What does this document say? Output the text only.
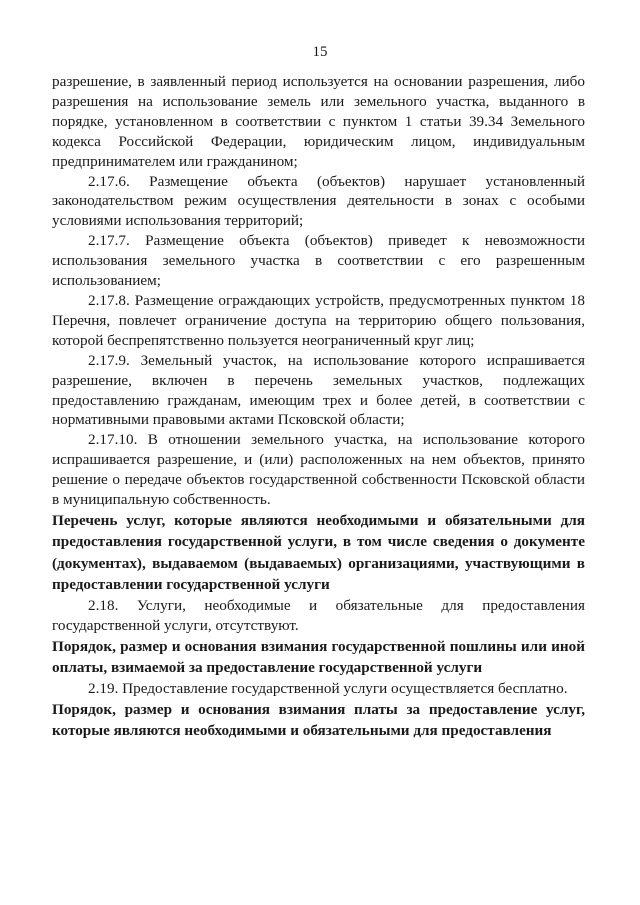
15

разрешение, в заявленный период используется на основании разрешения, либо разрешения на использование земель или земельного участка, выданного в порядке, установленном в соответствии с пунктом 1 статьи 39.34 Земельного кодекса Российской Федерации, юридическим лицом, индивидуальным предпринимателем или гражданином;

2.17.6. Размещение объекта (объектов) нарушает установленный законодательством режим осуществления деятельности в зонах с особыми условиями использования территорий;

2.17.7. Размещение объекта (объектов) приведет к невозможности использования земельного участка в соответствии с его разрешенным использованием;

2.17.8. Размещение ограждающих устройств, предусмотренных пунктом 18 Перечня, повлечет ограничение доступа на территорию общего пользования, которой беспрепятственно пользуется неограниченный круг лиц;

2.17.9. Земельный участок, на использование которого испрашивается разрешение, включен в перечень земельных участков, подлежащих предоставлению гражданам, имеющим трех и более детей, в соответствии с нормативными правовыми актами Псковской области;

2.17.10. В отношении земельного участка, на использование которого испрашивается разрешение, и (или) расположенных на нем объектов, принято решение о передаче объектов государственной собственности Псковской области в муниципальную собственность.

Перечень услуг, которые являются необходимыми и обязательными для предоставления государственной услуги, в том числе сведения о документе (документах), выдаваемом (выдаваемых) организациями, участвующими в предоставлении государственной услуги

2.18. Услуги, необходимые и обязательные для предоставления государственной услуги, отсутствуют.

Порядок, размер и основания взимания государственной пошлины или иной оплаты, взимаемой за предоставление государственной услуги

2.19. Предоставление государственной услуги осуществляется бесплатно.

Порядок, размер и основания взимания платы за предоставление услуг, которые являются необходимыми и обязательными для предоставления
